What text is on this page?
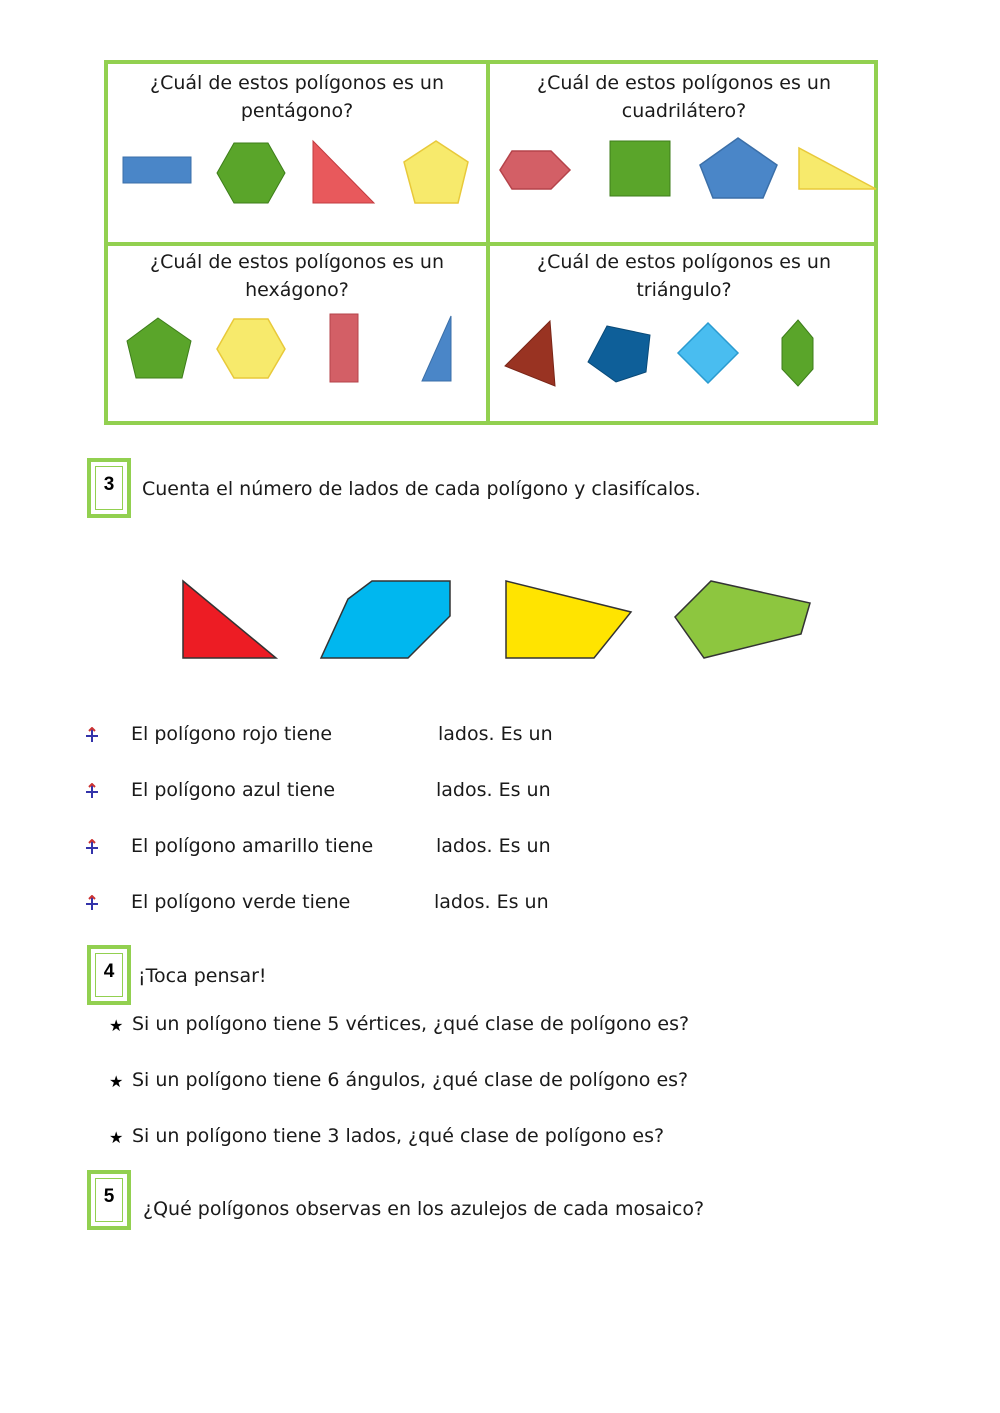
¿Cuál de estos polígonos es un
pentágono?
¿Cuál de estos polígonos es un
cuadrilátero?
¿Cuál de estos polígonos es un
hexágono?
¿Cuál de estos polígonos es un
triángulo?
3	Cuenta el número de lados de cada polígono y clasifícalos.
El polígono rojo tiene	lados. Es un
El polígono azul tiene	lados. Es un
El polígono amarillo tiene	lados. Es un
El polígono verde tiene	lados. Es un
4	¡Toca pensar!
★ Si un polígono tiene 5 vértices, ¿qué clase de polígono es?
★ Si un polígono tiene 6 ángulos, ¿qué clase de polígono es?
★ Si un polígono tiene 3 lados, ¿qué clase de polígono es?
5
¿Qué polígonos observas en los azulejos de cada mosaico?
